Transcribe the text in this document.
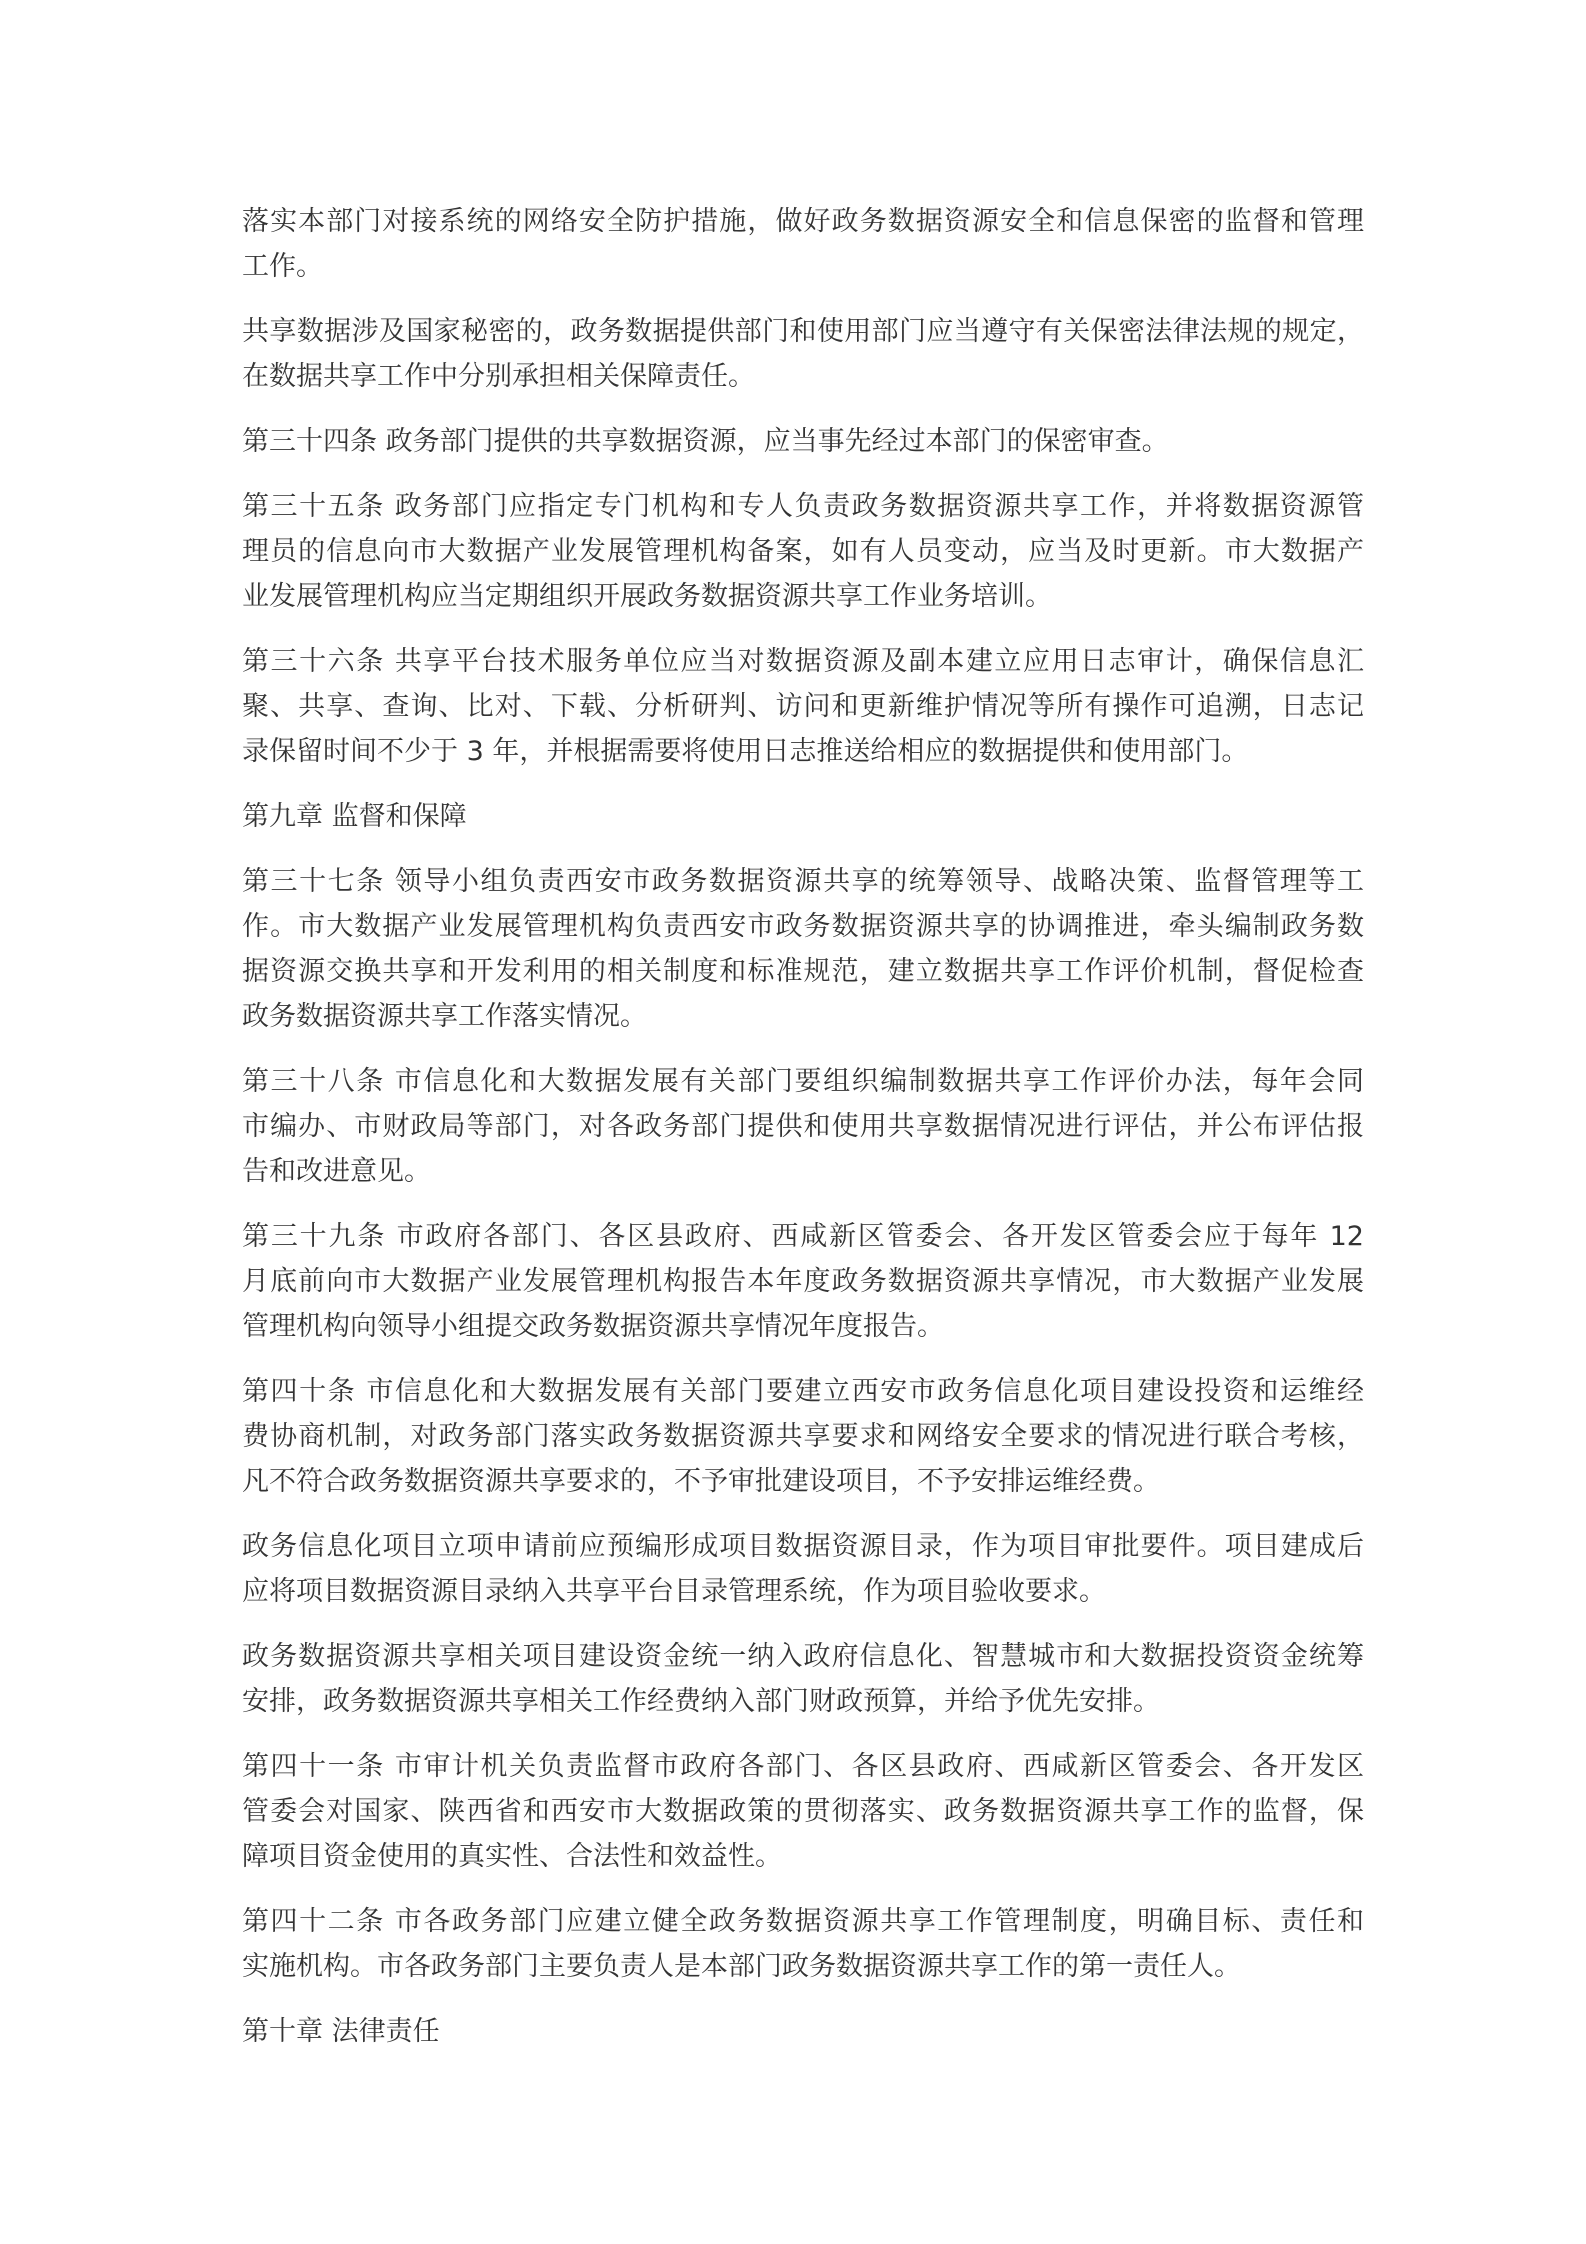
落实本部门对接系统的网络安全防护措施，做好政务数据资源安全和信息保密的监督和管理
工作。
共享数据涉及国家秘密的，政务数据提供部门和使用部门应当遵守有关保密法律法规的规定，
在数据共享工作中分别承担相关保障责任。
第三十四条 政务部门提供的共享数据资源，应当事先经过本部门的保密审查。
第三十五条 政务部门应指定专门机构和专人负责政务数据资源共享工作，并将数据资源管
理员的信息向市大数据产业发展管理机构备案，如有人员变动，应当及时更新。市大数据产
业发展管理机构应当定期组织开展政务数据资源共享工作业务培训。
第三十六条 共享平台技术服务单位应当对数据资源及副本建立应用日志审计，确保信息汇
聚、共享、查询、比对、下载、分析研判、访问和更新维护情况等所有操作可追溯，日志记
录保留时间不少于 3 年，并根据需要将使用日志推送给相应的数据提供和使用部门。
第九章 监督和保障
第三十七条 领导小组负责西安市政务数据资源共享的统筹领导、战略决策、监督管理等工
作。市大数据产业发展管理机构负责西安市政务数据资源共享的协调推进，牵头编制政务数
据资源交换共享和开发利用的相关制度和标准规范，建立数据共享工作评价机制，督促检查
政务数据资源共享工作落实情况。
第三十八条 市信息化和大数据发展有关部门要组织编制数据共享工作评价办法，每年会同
市编办、市财政局等部门，对各政务部门提供和使用共享数据情况进行评估，并公布评估报
告和改进意见。
第三十九条 市政府各部门、各区县政府、西咸新区管委会、各开发区管委会应于每年 12
月底前向市大数据产业发展管理机构报告本年度政务数据资源共享情况，市大数据产业发展
管理机构向领导小组提交政务数据资源共享情况年度报告。
第四十条 市信息化和大数据发展有关部门要建立西安市政务信息化项目建设投资和运维经
费协商机制，对政务部门落实政务数据资源共享要求和网络安全要求的情况进行联合考核，
凡不符合政务数据资源共享要求的，不予审批建设项目，不予安排运维经费。
政务信息化项目立项申请前应预编形成项目数据资源目录，作为项目审批要件。项目建成后
应将项目数据资源目录纳入共享平台目录管理系统，作为项目验收要求。
政务数据资源共享相关项目建设资金统一纳入政府信息化、智慧城市和大数据投资资金统筹
安排，政务数据资源共享相关工作经费纳入部门财政预算，并给予优先安排。
第四十一条 市审计机关负责监督市政府各部门、各区县政府、西咸新区管委会、各开发区
管委会对国家、陕西省和西安市大数据政策的贯彻落实、政务数据资源共享工作的监督，保
障项目资金使用的真实性、合法性和效益性。
第四十二条 市各政务部门应建立健全政务数据资源共享工作管理制度，明确目标、责任和
实施机构。市各政务部门主要负责人是本部门政务数据资源共享工作的第一责任人。
第十章 法律责任
